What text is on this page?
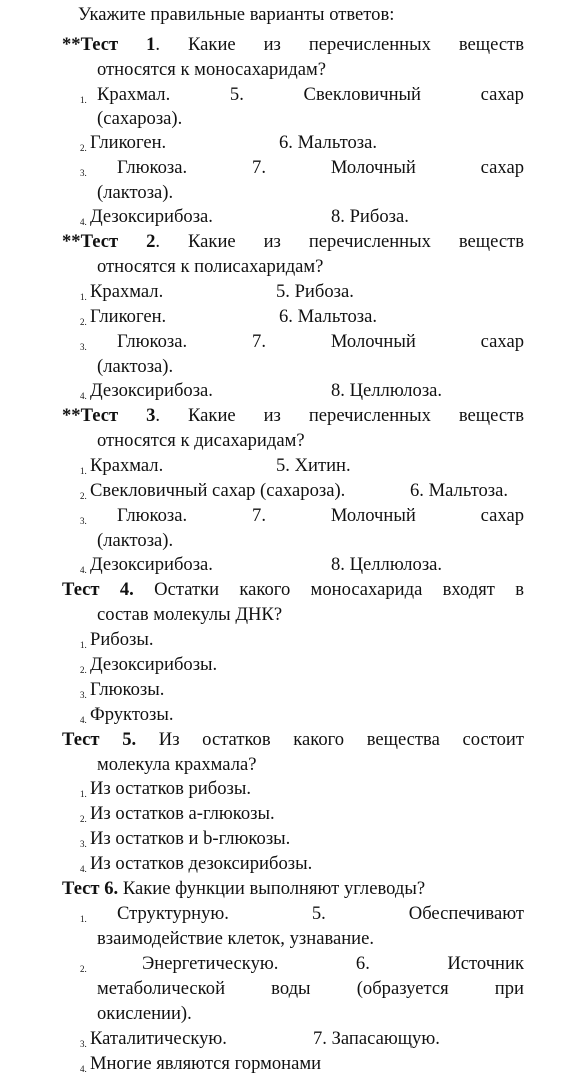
Укажите правильные варианты ответов:
**Тест 1. Какие из перечисленных веществ
относятся к моносахаридам?
1. Крахмал.	5. Свекловичный сахар
(сахароза).
2. Гликоген.	6. Мальтоза.
3.	Глюкоза.	7. Молочный сахар
(лактоза).
4. Дезоксирибоза.	8. Рибоза.
**Тест 2. Какие из перечисленных веществ
относятся к полисахаридам?
1. Крахмал.	5. Рибоза.
2. Гликоген.	6. Мальтоза.
3.	Глюкоза.	7. Молочный сахар
(лактоза).
4. Дезоксирибоза.	8. Целлюлоза.
**Тест 3. Какие из перечисленных веществ
относятся к дисахаридам?
1. Крахмал.	5. Хитин.
2. Свекловичный сахар (сахароза).	6. Мальтоза.
3.	Глюкоза.	7. Молочный сахар
(лактоза).
4. Дезоксирибоза.	8. Целлюлоза.
Тест 4. Остатки какого моносахарида входят в
состав молекулы ДНК?
1. Рибозы.
2. Дезоксирибозы.
3. Глюкозы.
4. Фруктозы.
Тест 5. Из остатков какого вещества состоит
молекула крахмала?
1. Из остатков рибозы.
2. Из остатков a-глюкозы.
3. Из остатков и b-глюкозы.
4. Из остатков дезоксирибозы.
Тест 6. Какие функции выполняют углеводы?
1.	Структурную.	5. Обеспечивают
взаимодействие клеток, узнавание.
2.	Энергетическую.	6. Источник
метаболической воды (образуется при
окислении).
3. Каталитическую.	7. Запасающую.
4. Многие являются гормонами
